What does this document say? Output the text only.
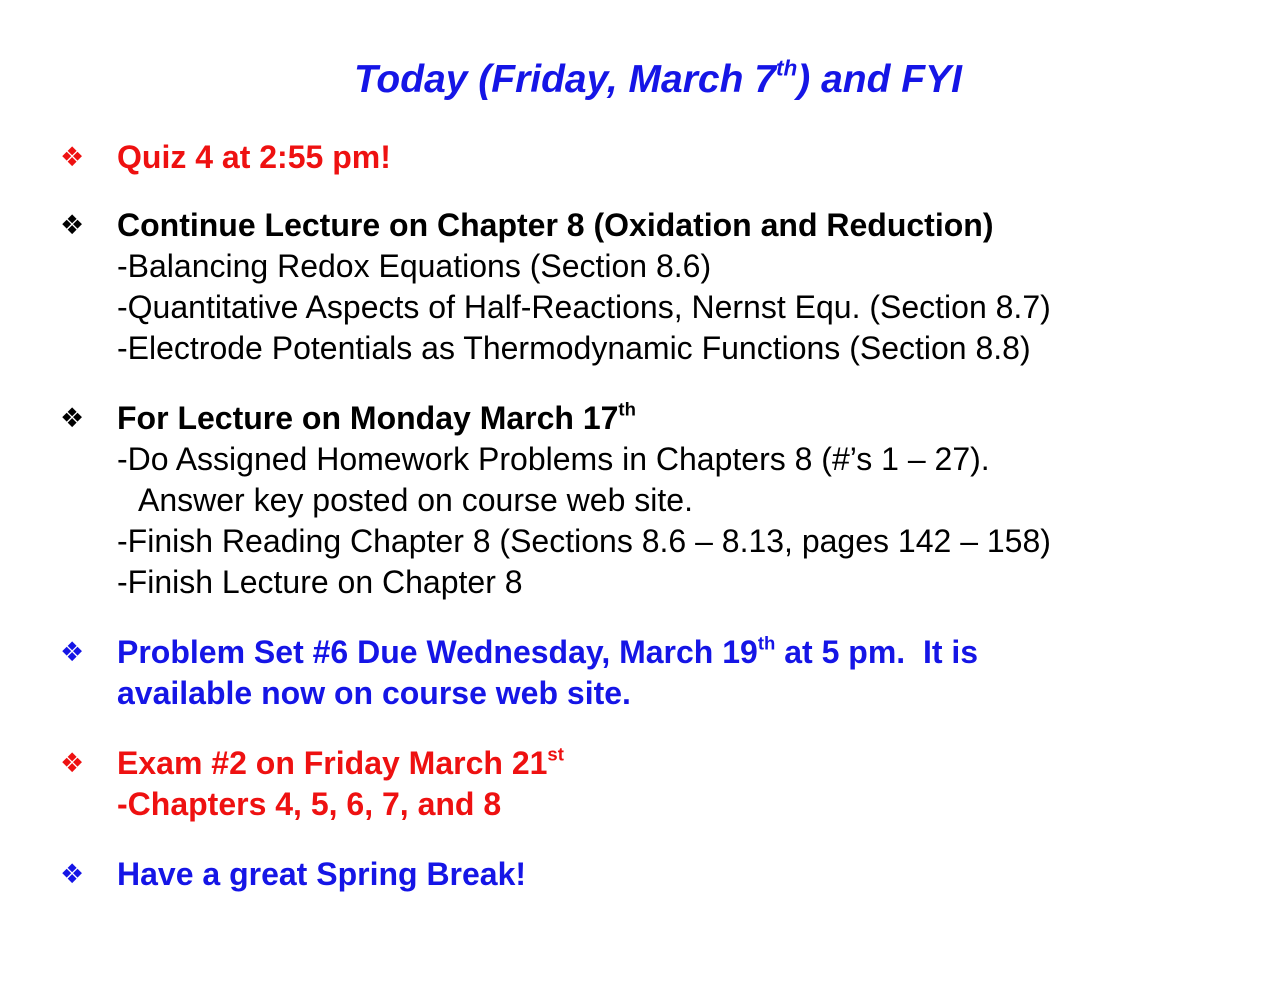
Today (Friday, March 7th) and FYI
❖ Quiz 4 at 2:55 pm!
❖ Continue Lecture on Chapter 8 (Oxidation and Reduction)
-Balancing Redox Equations (Section 8.6)
-Quantitative Aspects of Half-Reactions, Nernst Equ. (Section 8.7)
-Electrode Potentials as Thermodynamic Functions (Section 8.8)
❖ For Lecture on Monday March 17th
-Do Assigned Homework Problems in Chapters 8 (#’s 1 – 27).
Answer key posted on course web site.
-Finish Reading Chapter 8 (Sections 8.6 – 8.13, pages 142 – 158)
-Finish Lecture on Chapter 8
❖ Problem Set #6 Due Wednesday, March 19th at 5 pm.  It is
available now on course web site.
❖ Exam #2 on Friday March 21st
-Chapters 4, 5, 6, 7, and 8
❖ Have a great Spring Break!
